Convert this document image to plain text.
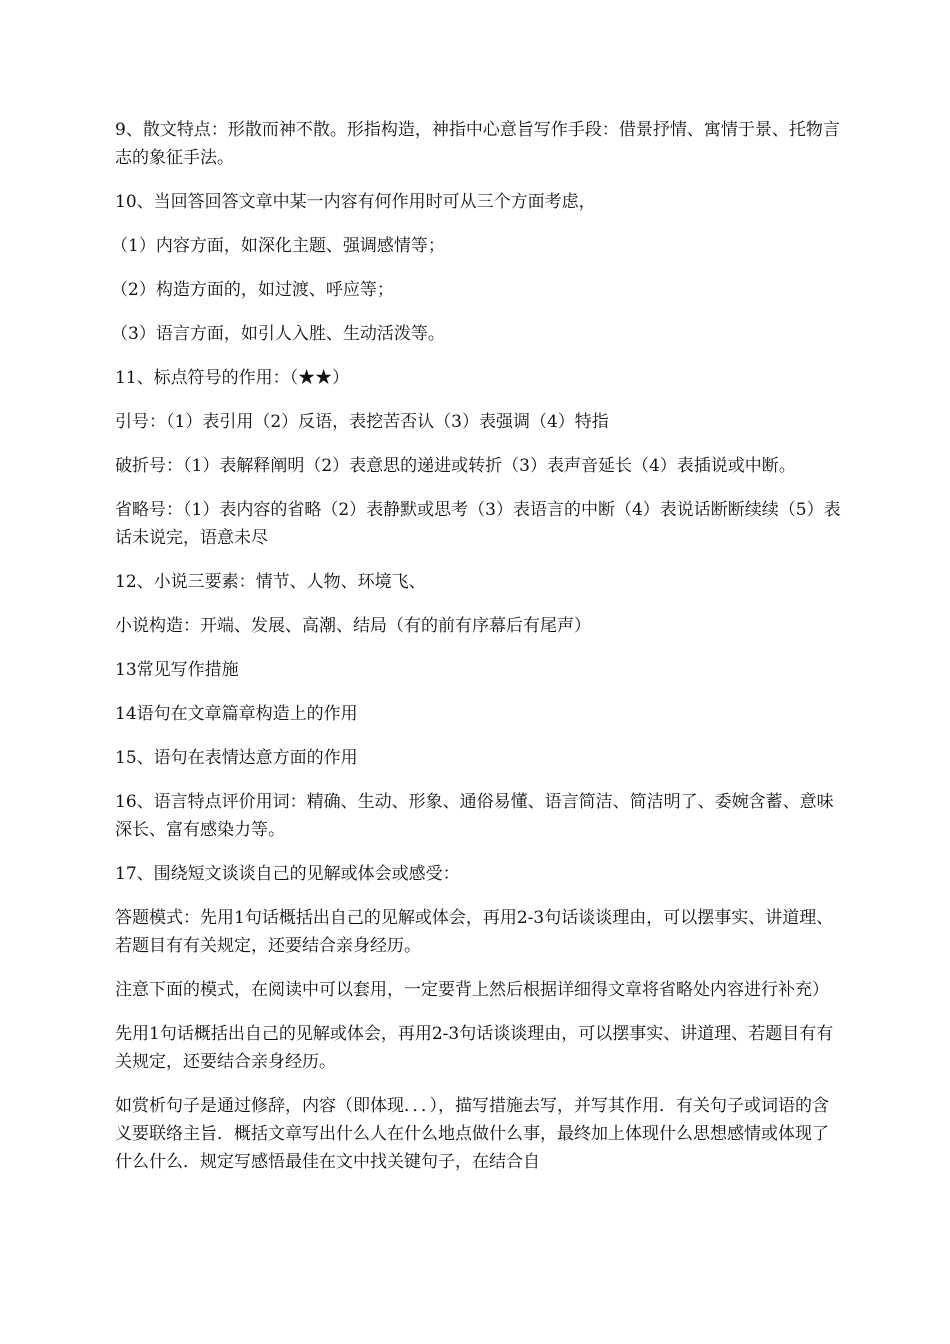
9、散文特点：形散而神不散。形指构造，神指中心意旨写作手段：借景抒情、寓情于景、托物言志的象征手法。

10、当回答回答文章中某一内容有何作用时可从三个方面考虑，

（1）内容方面，如深化主题、强调感情等；

（2）构造方面的，如过渡、呼应等；

（3）语言方面，如引人入胜、生动活泼等。

11、标点符号的作用：（★★）

引号：（1）表引用（2）反语，表挖苦否认（3）表强调（4）特指

破折号：（1）表解释阐明（2）表意思的递进或转折（3）表声音延长（4）表插说或中断。

省略号：（1）表内容的省略（2）表静默或思考（3）表语言的中断（4）表说话断断续续（5）表话未说完，语意未尽

12、小说三要素：情节、人物、环境飞、

小说构造：开端、发展、高潮、结局（有的前有序幕后有尾声）

13常见写作措施

14语句在文章篇章构造上的作用

15、语句在表情达意方面的作用

16、语言特点评价用词：精确、生动、形象、通俗易懂、语言简洁、简洁明了、委婉含蓄、意味深长、富有感染力等。

17、围绕短文谈谈自己的见解或体会或感受：

答题模式：先用1句话概括出自己的见解或体会，再用2-3句话谈谈理由，可以摆事实、讲道理、若题目有有关规定，还要结合亲身经历。

注意下面的模式，在阅读中可以套用，一定要背上然后根据详细得文章将省略处内容进行补充）

先用1句话概括出自己的见解或体会，再用2-3句话谈谈理由，可以摆事实、讲道理、若题目有有关规定，还要结合亲身经历。

如赏析句子是通过修辞，内容（即体现．．．），描写措施去写，并写其作用．有关句子或词语的含义要联络主旨．概括文章写出什么人在什么地点做什么事，最终加上体现什么思想感情或体现了什么什么．规定写感悟最佳在文中找关键句子，在结合自
